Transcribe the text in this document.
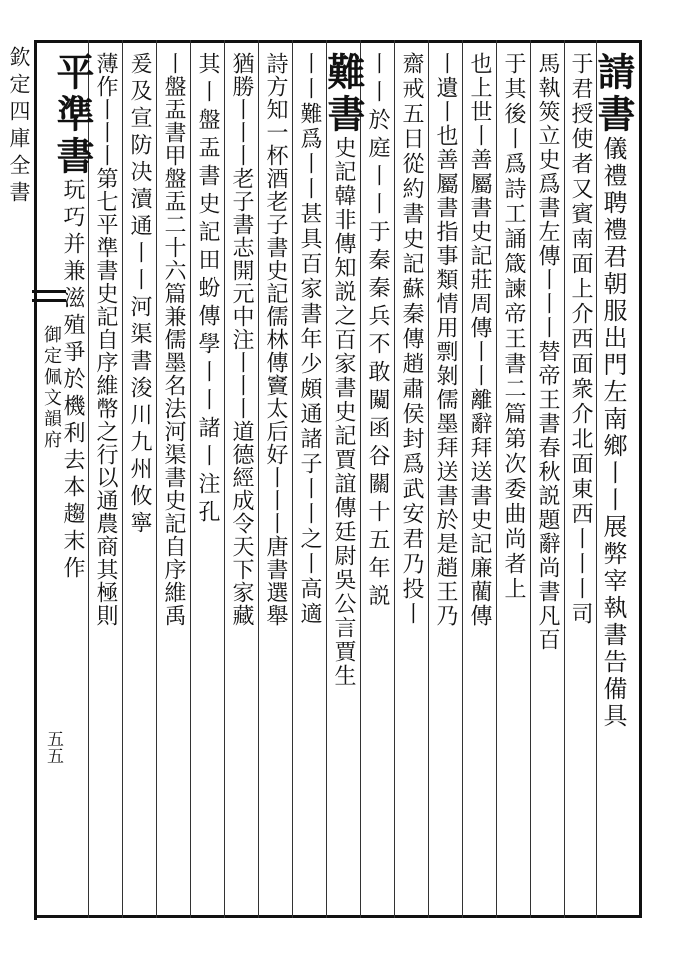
欽定四庫全書
御定佩文韻府
五五
請書儀禮聘禮君朝服出門左南鄉丨丨展弊宰執書告備具
于君授使者又賓南面上介西面衆介北面東西丨丨丨司
馬執筴立史爲書左傳丨丨丨替帝王書春秋説題辭尚書凡百
于其後丨爲詩工誦箴諫帝王書二篇第次委曲尚者上
也上世丨善屬書史記莊周傳丨丨離辭拜送書史記廉藺傳
丨遺丨也善屬書指事類情用剽剝儒墨拜送書於是趙王乃
齋戒五日從約書史記蘇秦傳趙肅侯封爲武安君乃投丨
丨丨於庭丨丨于秦秦兵不敢闚函谷關十五年説
難書史記韓非傳知説之百家書史記賈誼傳廷尉吳公言賈生
丨丨難爲丨丨甚具百家書年少頗通諸子丨丨之丨高適
詩方知一杯酒老子書史記儒林傳竇太后好丨丨丨唐書選舉
猶勝丨丨丨老子書志開元中注丨丨丨道德經成令天下家藏
其丨盤盂書史記田蚡傳學丨丨諸丨注孔
丨盤盂書甲盤盂二十六篇兼儒墨名法河渠書史記自序維禹
爰及宣防决瀆通丨丨河渠書浚川九州攸寧
薄作丨丨丨第七平準書史記自序維幣之行以通農商其極則
平準書玩巧并兼滋殖爭於機利去本趨末作
